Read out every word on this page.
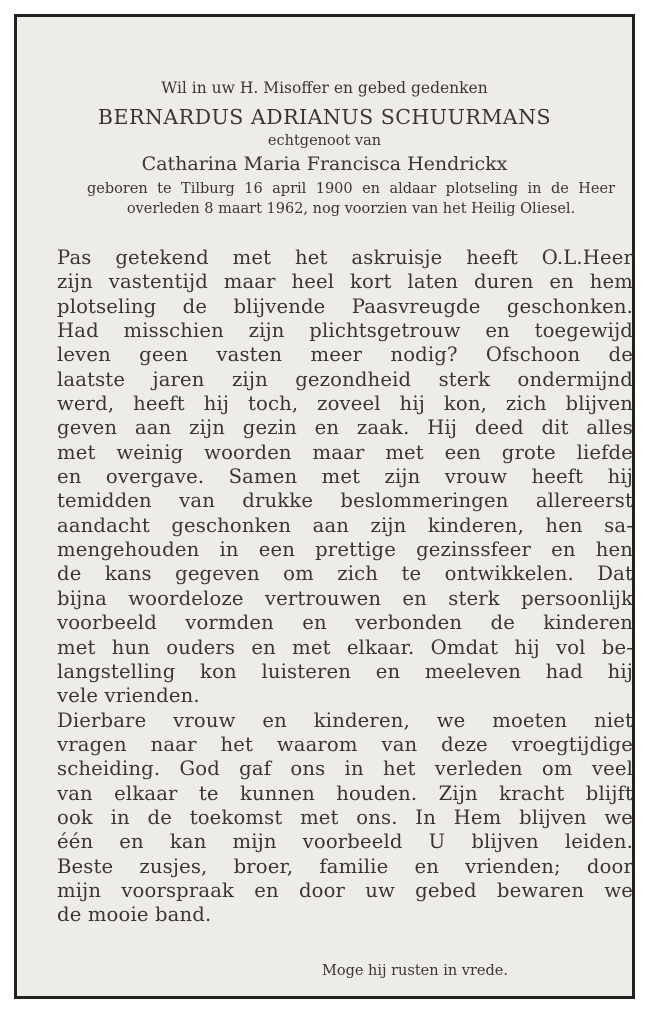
Wil in uw H. Misoffer en gebed gedenken
BERNARDUS ADRIANUS SCHUURMANS
echtgenoot van
Catharina Maria Francisca Hendrickx
geboren te Tilburg 16 april 1900 en aldaar plotseling in de Heer overleden 8 maart 1962, nog voorzien van het Heilig Oliesel.
Pas getekend met het askruisje heeft O.L.Heer
zijn vastentijd maar heel kort laten duren en hem
plotseling de blijvende Paasvreugde geschonken.
Had misschien zijn plichtsgetrouw en toegewijd
leven geen vasten meer nodig? Ofschoon de
laatste jaren zijn gezondheid sterk ondermijnd
werd, heeft hij toch, zoveel hij kon, zich blijven
geven aan zijn gezin en zaak. Hij deed dit alles
met weinig woorden maar met een grote liefde
en overgave. Samen met zijn vrouw heeft hij
temidden van drukke beslommeringen allereerst
aandacht geschonken aan zijn kinderen, hen sa-
mengehouden in een prettige gezinssfeer en hen
de kans gegeven om zich te ontwikkelen. Dat
bijna woordeloze vertrouwen en sterk persoonlijk
voorbeeld vormden en verbonden de kinderen
met hun ouders en met elkaar. Omdat hij vol be-
langstelling kon luisteren en meeleven had hij
vele vrienden.
Dierbare vrouw en kinderen, we moeten niet
vragen naar het waarom van deze vroegtijdige
scheiding. God gaf ons in het verleden om veel
van elkaar te kunnen houden. Zijn kracht blijft
ook in de toekomst met ons. In Hem blijven we
één en kan mijn voorbeeld U blijven leiden.
Beste zusjes, broer, familie en vrienden; door
mijn voorspraak en door uw gebed bewaren we
de mooie band.
Moge hij rusten in vrede.
